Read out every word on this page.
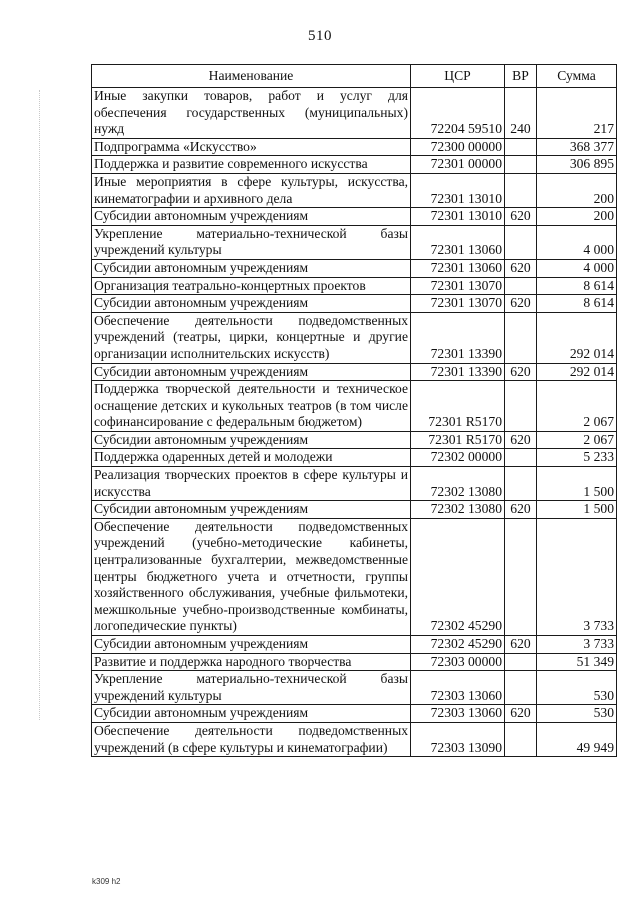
510
Наименование	ЦСР	ВР	Сумма
Иные закупки товаров, работ и услуг для обеспечения государственных (муниципальных) нужд	72204 59510	240	217
Подпрограмма «Искусство»	72300 00000		368 377
Поддержка и развитие современного искусства	72301 00000		306 895
Иные мероприятия в сфере культуры, искусства, кинематографии и архивного дела	72301 13010		200
Субсидии автономным учреждениям	72301 13010	620	200
Укрепление материально-технической базы учреждений культуры	72301 13060		4 000
Субсидии автономным учреждениям	72301 13060	620	4 000
Организация театрально-концертных проектов	72301 13070		8 614
Субсидии автономным учреждениям	72301 13070	620	8 614
Обеспечение деятельности подведомственных учреждений (театры, цирки, концертные и другие организации исполнительских искусств)	72301 13390		292 014
Субсидии автономным учреждениям	72301 13390	620	292 014
Поддержка творческой деятельности и техническое оснащение детских и кукольных театров (в том числе софинансирование с федеральным бюджетом)	72301 R5170		2 067
Субсидии автономным учреждениям	72301 R5170	620	2 067
Поддержка одаренных детей и молодежи	72302 00000		5 233
Реализация творческих проектов в сфере культуры и искусства	72302 13080		1 500
Субсидии автономным учреждениям	72302 13080	620	1 500
Обеспечение деятельности подведомственных учреждений (учебно-методические кабинеты, централизованные бухгалтерии, межведомственные центры бюджетного учета и отчетности, группы хозяйственного обслуживания, учебные фильмотеки, межшкольные учебно-производственные комбинаты, логопедические пункты)	72302 45290		3 733
Субсидии автономным учреждениям	72302 45290	620	3 733
Развитие и поддержка народного творчества	72303 00000		51 349
Укрепление материально-технической базы учреждений культуры	72303 13060		530
Субсидии автономным учреждениям	72303 13060	620	530
Обеспечение деятельности подведомственных учреждений (в сфере культуры и кинематографии)	72303 13090		49 949
k309 h2
